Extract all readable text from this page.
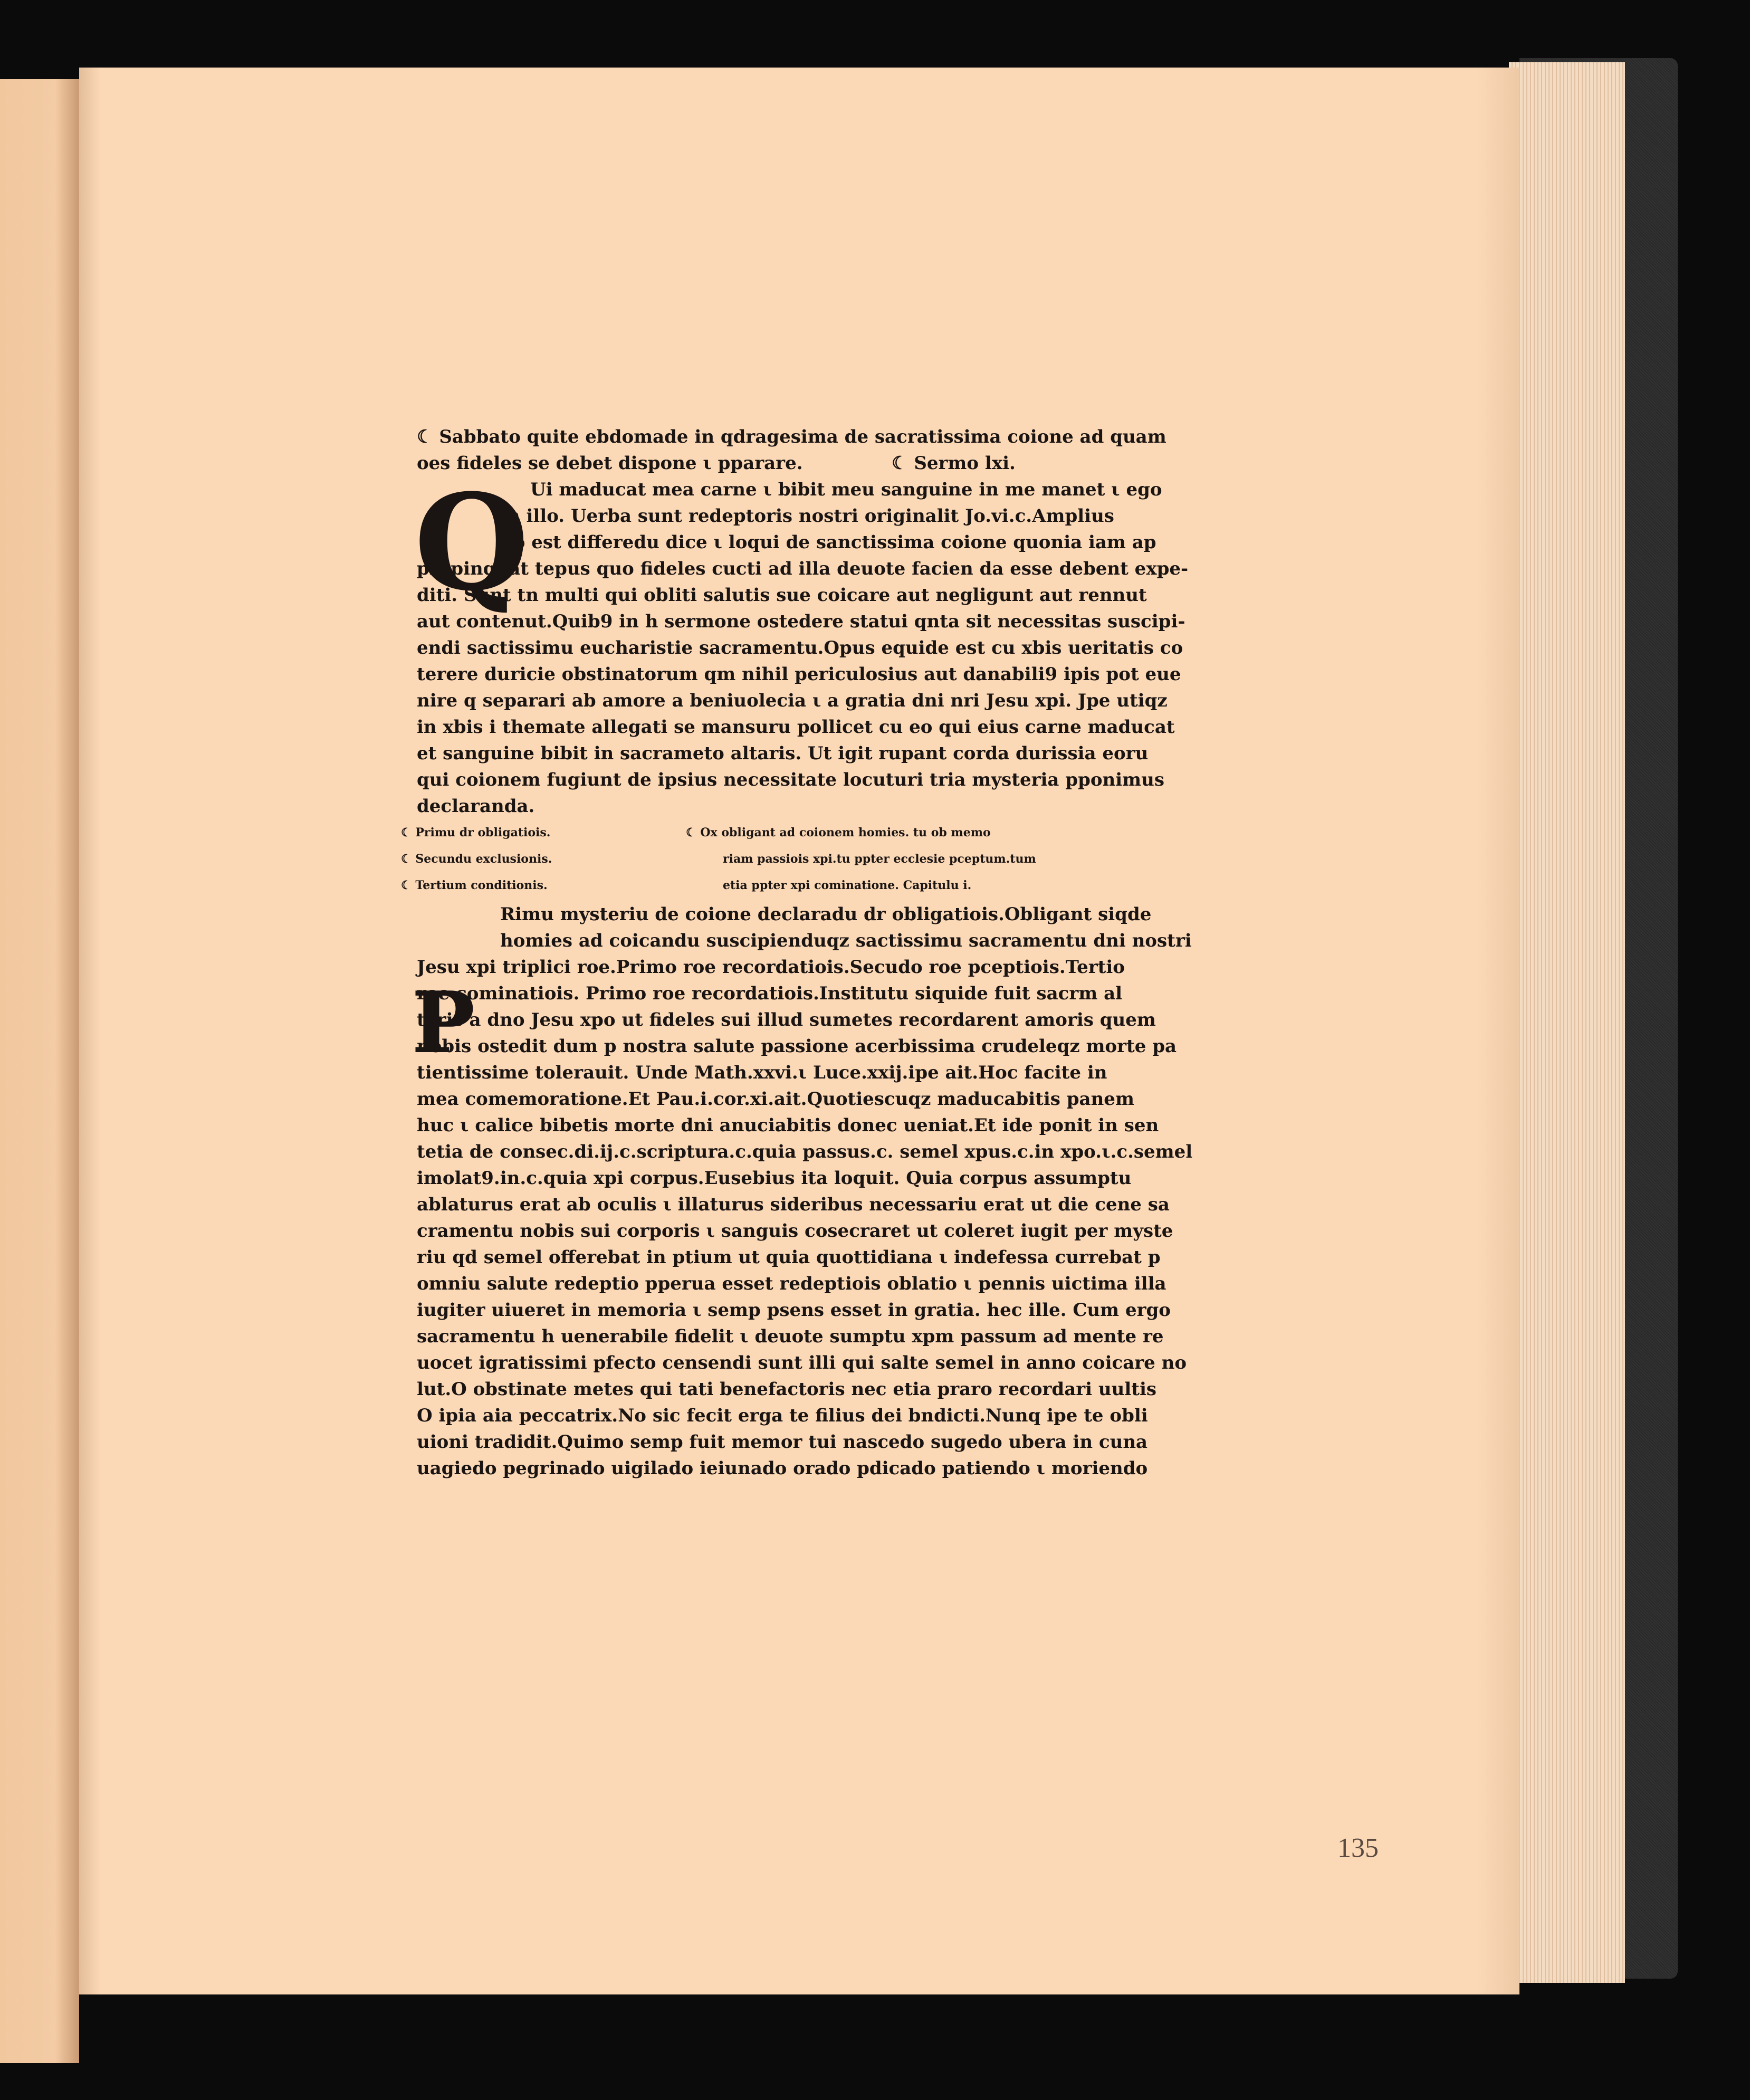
☾ Sabbato quite ebdomade in qdragesima de sacratissima coione ad quam
oes fideles se debet dispone ι pparare.	☾ Sermo lxi.
Q Ui maducat mea carne ι bibit meu sanguine in me manet ι ego
in illo. Uerba sunt redeptoris nostri originalit Jo.vi.c.Amplius
no est differedu dice ι loqui de sanctissima coione quonia iam ap
propinquat tepus quo fideles cucti ad illa deuote facien da esse debent expe-
diti. Sunt tn multi qui obliti salutis sue coicare aut negligunt aut rennut
aut contenut.Quib9 in h sermone ostedere statui qnta sit necessitas suscipi-
endi sactissimu eucharistie sacramentu.Opus equide est cu xbis ueritatis co
terere duricie obstinatorum qm nihil periculosius aut danabili9 ipis pot eue
nire q separari ab amore a beniuolecia ι a gratia dni nri Jesu xpi. Jpe utiqz
in xbis i themate allegati se mansuru pollicet cu eo qui eius carne maducat
et sanguine bibit in sacrameto altaris. Ut igit rupant corda durissia eoru
qui coionem fugiunt de ipsius necessitate locuturi tria mysteria pponimus
declaranda.
☾ Primu dr obligatiois.	☾ Ox obligant ad coionem homies. tu ob memo
☾ Secundu exclusionis.	riam passiois xpi.tu ppter ecclesie pceptum.tum
☾ Tertium conditionis.	etia ppter xpi cominatione. Capitulu i.
P
Rimu mysteriu de coione declaradu dr obligatiois.Obligant siqde
homies ad coicandu suscipienduqz sactissimu sacramentu dni nostri
Jesu xpi triplici roe.Primo roe recordatiois.Secudo roe pceptiois.Tertio
roe cominatiois. Primo roe recordatiois.Institutu siquide fuit sacrm al
taris a dno Jesu xpo ut fideles sui illud sumetes recordarent amoris quem
nobis ostedit dum p nostra salute passione acerbissima crudeleqz morte pa
tientissime tolerauit. Unde Math.xxvi.ι Luce.xxij.ipe ait.Hoc facite in
mea comemoratione.Et Pau.i.cor.xi.ait.Quotiescuqz maducabitis panem
huc ι calice bibetis morte dni anuciabitis donec ueniat.Et ide ponit in sen
tetia de consec.di.ij.c.scriptura.c.quia passus.c. semel xpus.c.in xpo.ι.c.semel
imolat9.in.c.quia xpi corpus.Eusebius ita loquit. Quia corpus assumptu
ablaturus erat ab oculis ι illaturus sideribus necessariu erat ut die cene sa
cramentu nobis sui corporis ι sanguis cosecraret ut coleret iugit per myste
riu qd semel offerebat in ptium ut quia quottidiana ι indefessa currebat p
omniu salute redeptio pperua esset redeptiois oblatio ι pennis uictima illa
iugiter uiueret in memoria ι semp psens esset in gratia. hec ille. Cum ergo
sacramentu h uenerabile fidelit ι deuote sumptu xpm passum ad mente re
uocet igratissimi pfecto censendi sunt illi qui salte semel in anno coicare no
lut.O obstinate metes qui tati benefactoris nec etia praro recordari uultis
O ipia aia peccatrix.No sic fecit erga te filius dei bndicti.Nunq ipe te obli
uioni tradidit.Quimo semp fuit memor tui nascedo sugedo ubera in cuna
uagiedo pegrinado uigilado ieiunado orado pdicado patiendo ι moriendo
135
